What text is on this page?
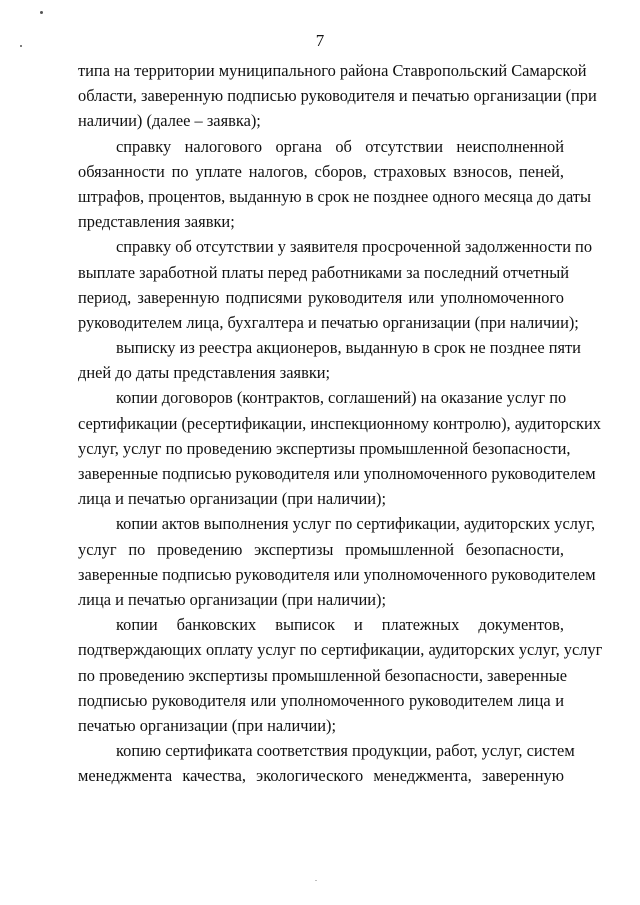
7
типа на территории муниципального района Ставропольский Самарской
области, заверенную подписью руководителя и печатью организации (при
наличии) (далее – заявка);
справку налогового органа об отсутствии неисполненной
обязанности по уплате налогов, сборов, страховых взносов, пеней,
штрафов, процентов, выданную в срок не позднее одного месяца до даты
представления заявки;
справку об отсутствии у заявителя просроченной задолженности по
выплате заработной платы перед работниками за последний отчетный
период, заверенную подписями руководителя или уполномоченного
руководителем лица, бухгалтера и печатью организации (при наличии);
выписку из реестра акционеров, выданную в срок не позднее пяти
дней до даты представления заявки;
копии договоров (контрактов, соглашений) на оказание услуг по
сертификации (ресертификации, инспекционному контролю), аудиторских
услуг, услуг по проведению экспертизы промышленной безопасности,
заверенные подписью руководителя или уполномоченного руководителем
лица и печатью организации (при наличии);
копии актов выполнения услуг по сертификации, аудиторских услуг,
услуг по проведению экспертизы промышленной безопасности,
заверенные подписью руководителя или уполномоченного руководителем
лица и печатью организации (при наличии);
копии банковских выписок и платежных документов,
подтверждающих оплату услуг по сертификации, аудиторских услуг, услуг
по проведению экспертизы промышленной безопасности, заверенные
подписью руководителя или уполномоченного руководителем лица и
печатью организации (при наличии);
копию сертификата соответствия продукции, работ, услуг, систем
менеджмента качества, экологического менеджмента, заверенную
